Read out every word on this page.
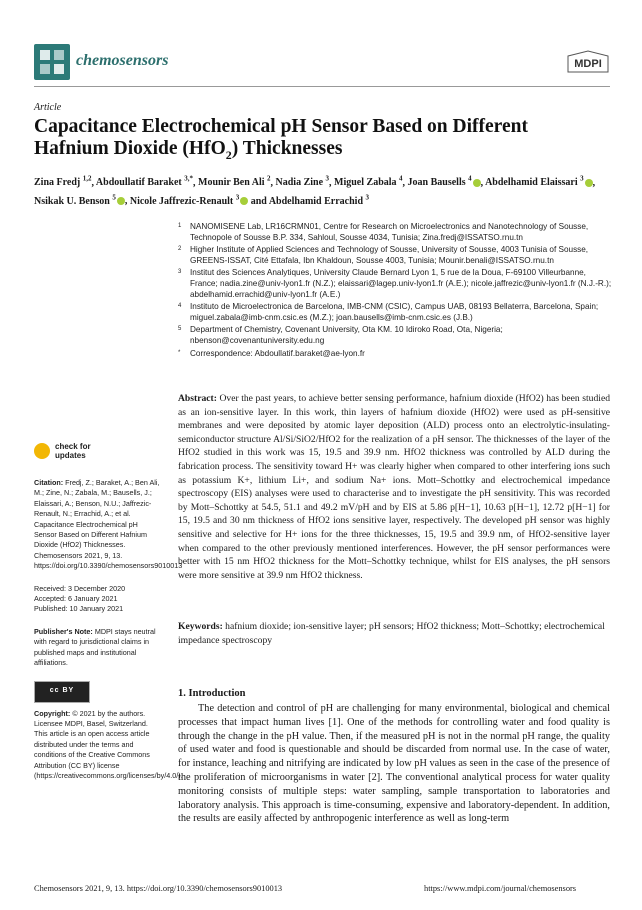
chemosensors	MDPI
Article
Capacitance Electrochemical pH Sensor Based on Different Hafnium Dioxide (HfO$_2$) Thicknesses
Zina Fredj $^{1,2}$, Abdoullatif Baraket $^{3,*}$, Mounir Ben Ali $^2$, Nadia Zine $^3$, Miguel Zabala $^4$, Joan Bausells $^4$ , Abdelhamid Elaissari $^3$ , Nsikak U. Benson $^5$ , Nicole Jaffrezic-Renault $^3$ and Abdelhamid Errachid $^3$
1 NANOMISENE Lab, LR16CRMN01, Centre for Research on Microelectronics and Nanotechnology of Sousse, Technopole of Sousse B.P. 334, Sahloul, Sousse 4034, Tunisia; Zina.fredj@ISSATSO.rnu.tn
2 Higher Institute of Applied Sciences and Technology of Sousse, University of Sousse, 4003 Tunisia of Sousse, GREENS-ISSAT, Cité Ettafala, Ibn Khaldoun, Sousse 4003, Tunisia; Mounir.benali@ISSATSO.rnu.tn
3 Institut des Sciences Analytiques, University Claude Bernard Lyon 1, 5 rue de la Doua, F-69100 Villeurbanne, France; nadia.zine@univ-lyon1.fr (N.Z.); elaissari@lagep.univ-lyon1.fr (A.E.); nicole.jaffrezic@univ-lyon1.fr (N.J.-R.); abdelhamid.errachid@univ-lyon1.fr (A.E.)
4 Instituto de Microelectronica de Barcelona, IMB-CNM (CSIC), Campus UAB, 08193 Bellaterra, Barcelona, Spain; miguel.zabala@imb-cnm.csic.es (M.Z.); joan.bausells@imb-cnm.csic.es (J.B.)
5 Department of Chemistry, Covenant University, Ota KM. 10 Idiroko Road, Ota, Nigeria; nbenson@covenantuniversity.edu.ng
* Correspondence: Abdoullatif.baraket@ae-lyon.fr
Abstract: Over the past years, to achieve better sensing performance, hafnium dioxide (HfO2) has been studied as an ion-sensitive layer. In this work, thin layers of hafnium dioxide (HfO2) were used as pH-sensitive membranes and were deposited by atomic layer deposition (ALD) process onto an electrolytic-insulating-semiconductor structure Al/Si/SiO2/HfO2 for the realization of a pH sensor. The thicknesses of the layer of the HfO2 studied in this work was 15, 19.5 and 39.9 nm. HfO2 thickness was controlled by ALD during the fabrication process. The sensitivity toward H+ was clearly higher when compared to other interfering ions such as potassium K+, lithium Li+, and sodium Na+ ions. Mott–Schottky and electrochemical impedance spectroscopy (EIS) analyses were used to characterise and to investigate the pH sensitivity. This was recorded by Mott–Schottky at 54.5, 51.1 and 49.2 mV/pH and by EIS at 5.86 p[H−1], 10.63 p[H−1], 12.72 p[H−1] for 15, 19.5 and 30 nm thickness of HfO2 ions sensitive layer, respectively. The developed pH sensor was highly sensitive and selective for H+ ions for the three thicknesses, 15, 19.5 and 39.9 nm, of HfO2-sensitive layer when compared to the other previously mentioned interferences. However, the pH sensor performances were better with 15 nm HfO2 thickness for the Mott–Schottky technique, whilst for EIS analyses, the pH sensors were more sensitive at 39.9 nm HfO2 thickness.
Keywords: hafnium dioxide; ion-sensitive layer; pH sensors; HfO2 thickness; Mott–Schottky; electrochemical impedance spectroscopy
check for
updates
Citation: Fredj, Z.; Baraket, A.; Ben Ali, M.; Zine, N.; Zabala, M.; Bausells, J.; Elaissari, A.; Benson, N.U.; Jaffrezic-Renault, N.; Errachid, A.; et al. Capacitance Electrochemical pH Sensor Based on Different Hafnium Dioxide (HfO2) Thicknesses. Chemosensors 2021, 9, 13. https://doi.org/10.3390/chemosensors9010013
Received: 3 December 2020
Accepted: 6 January 2021
Published: 10 January 2021
Publisher's Note: MDPI stays neutral with regard to jurisdictional claims in published maps and institutional affiliations.
cc BY
Copyright: © 2021 by the authors. Licensee MDPI, Basel, Switzerland. This article is an open access article distributed under the terms and conditions of the Creative Commons Attribution (CC BY) license (https://creativecommons.org/licenses/by/4.0/).
1. Introduction

The detection and control of pH are challenging for many environmental, biological and chemical processes that impact human lives [1]. One of the methods for controlling water and food quality is through the change in the pH value. Then, if the measured pH is not in the normal pH range, the quality of used water and food is questionable and should be discarded from normal use. In the case of water, for instance, leaching and nitrifying are indicated by low pH values as seen in the case of the presence of the proliferation of microorganisms in water [2]. The conventional analytical process for water quality monitoring consists of multiple steps: water sampling, sample transportation to laboratories and laboratory analysis. This approach is time-consuming, expensive and laboratory-dependent. In addition, the results are easily affected by anthropogenic interference as well as long-term

Chemosensors 2021, 9, 13. https://doi.org/10.3390/chemosensors9010013	https://www.mdpi.com/journal/chemosensors
